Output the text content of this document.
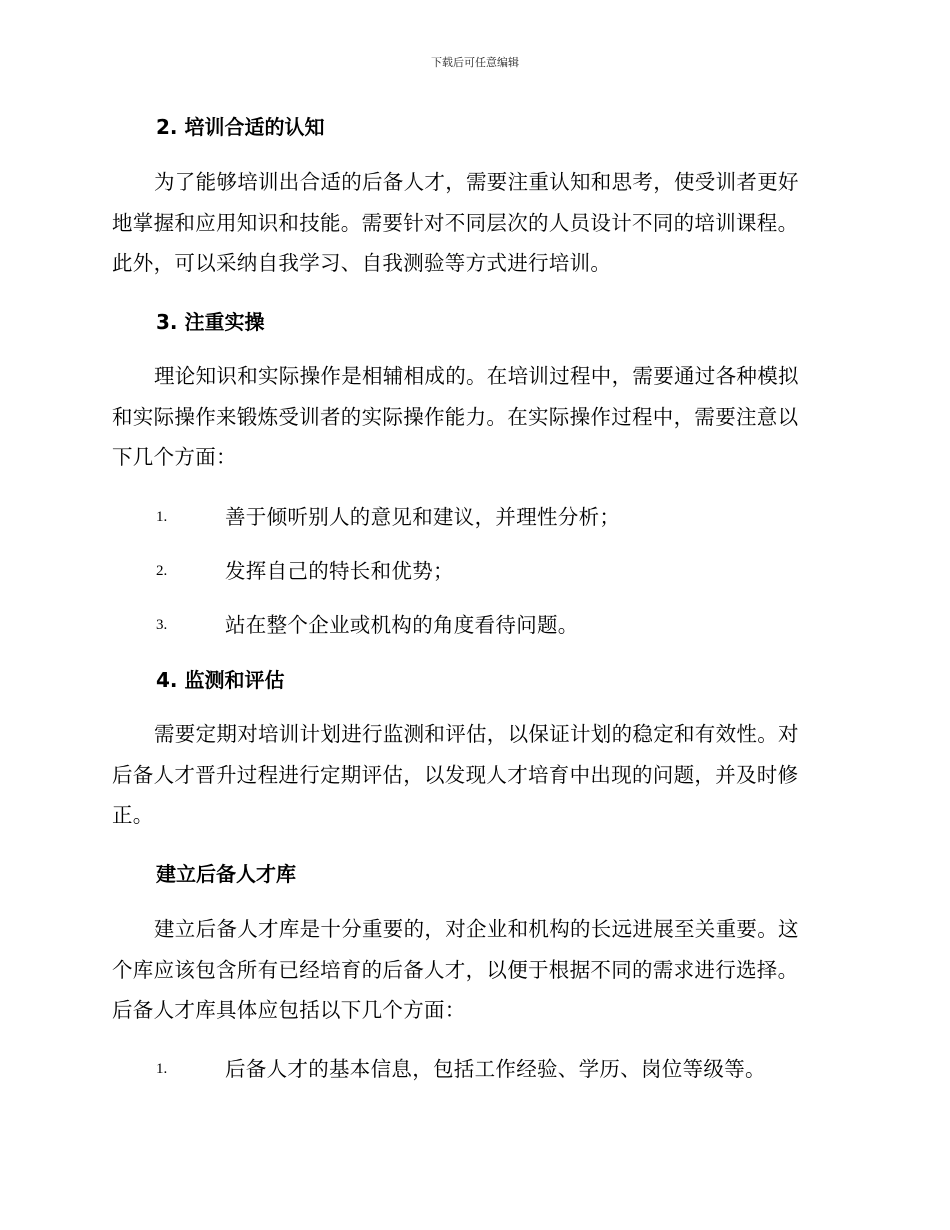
下载后可任意编辑
2. 培训合适的认知
为了能够培训出合适的后备人才，需要注重认知和思考，使受训者更好
地掌握和应用知识和技能。需要针对不同层次的人员设计不同的培训课程。
此外，可以采纳自我学习、自我测验等方式进行培训。
3. 注重实操
理论知识和实际操作是相辅相成的。在培训过程中，需要通过各种模拟
和实际操作来锻炼受训者的实际操作能力。在实际操作过程中，需要注意以
下几个方面：
1.	善于倾听别人的意见和建议，并理性分析；
2.	发挥自己的特长和优势；
3.	站在整个企业或机构的角度看待问题。
4. 监测和评估
需要定期对培训计划进行监测和评估，以保证计划的稳定和有效性。对
后备人才晋升过程进行定期评估，以发现人才培育中出现的问题，并及时修
正。
建立后备人才库
建立后备人才库是十分重要的，对企业和机构的长远进展至关重要。这
个库应该包含所有已经培育的后备人才，以便于根据不同的需求进行选择。
后备人才库具体应包括以下几个方面：
1.	后备人才的基本信息，包括工作经验、学历、岗位等级等。
